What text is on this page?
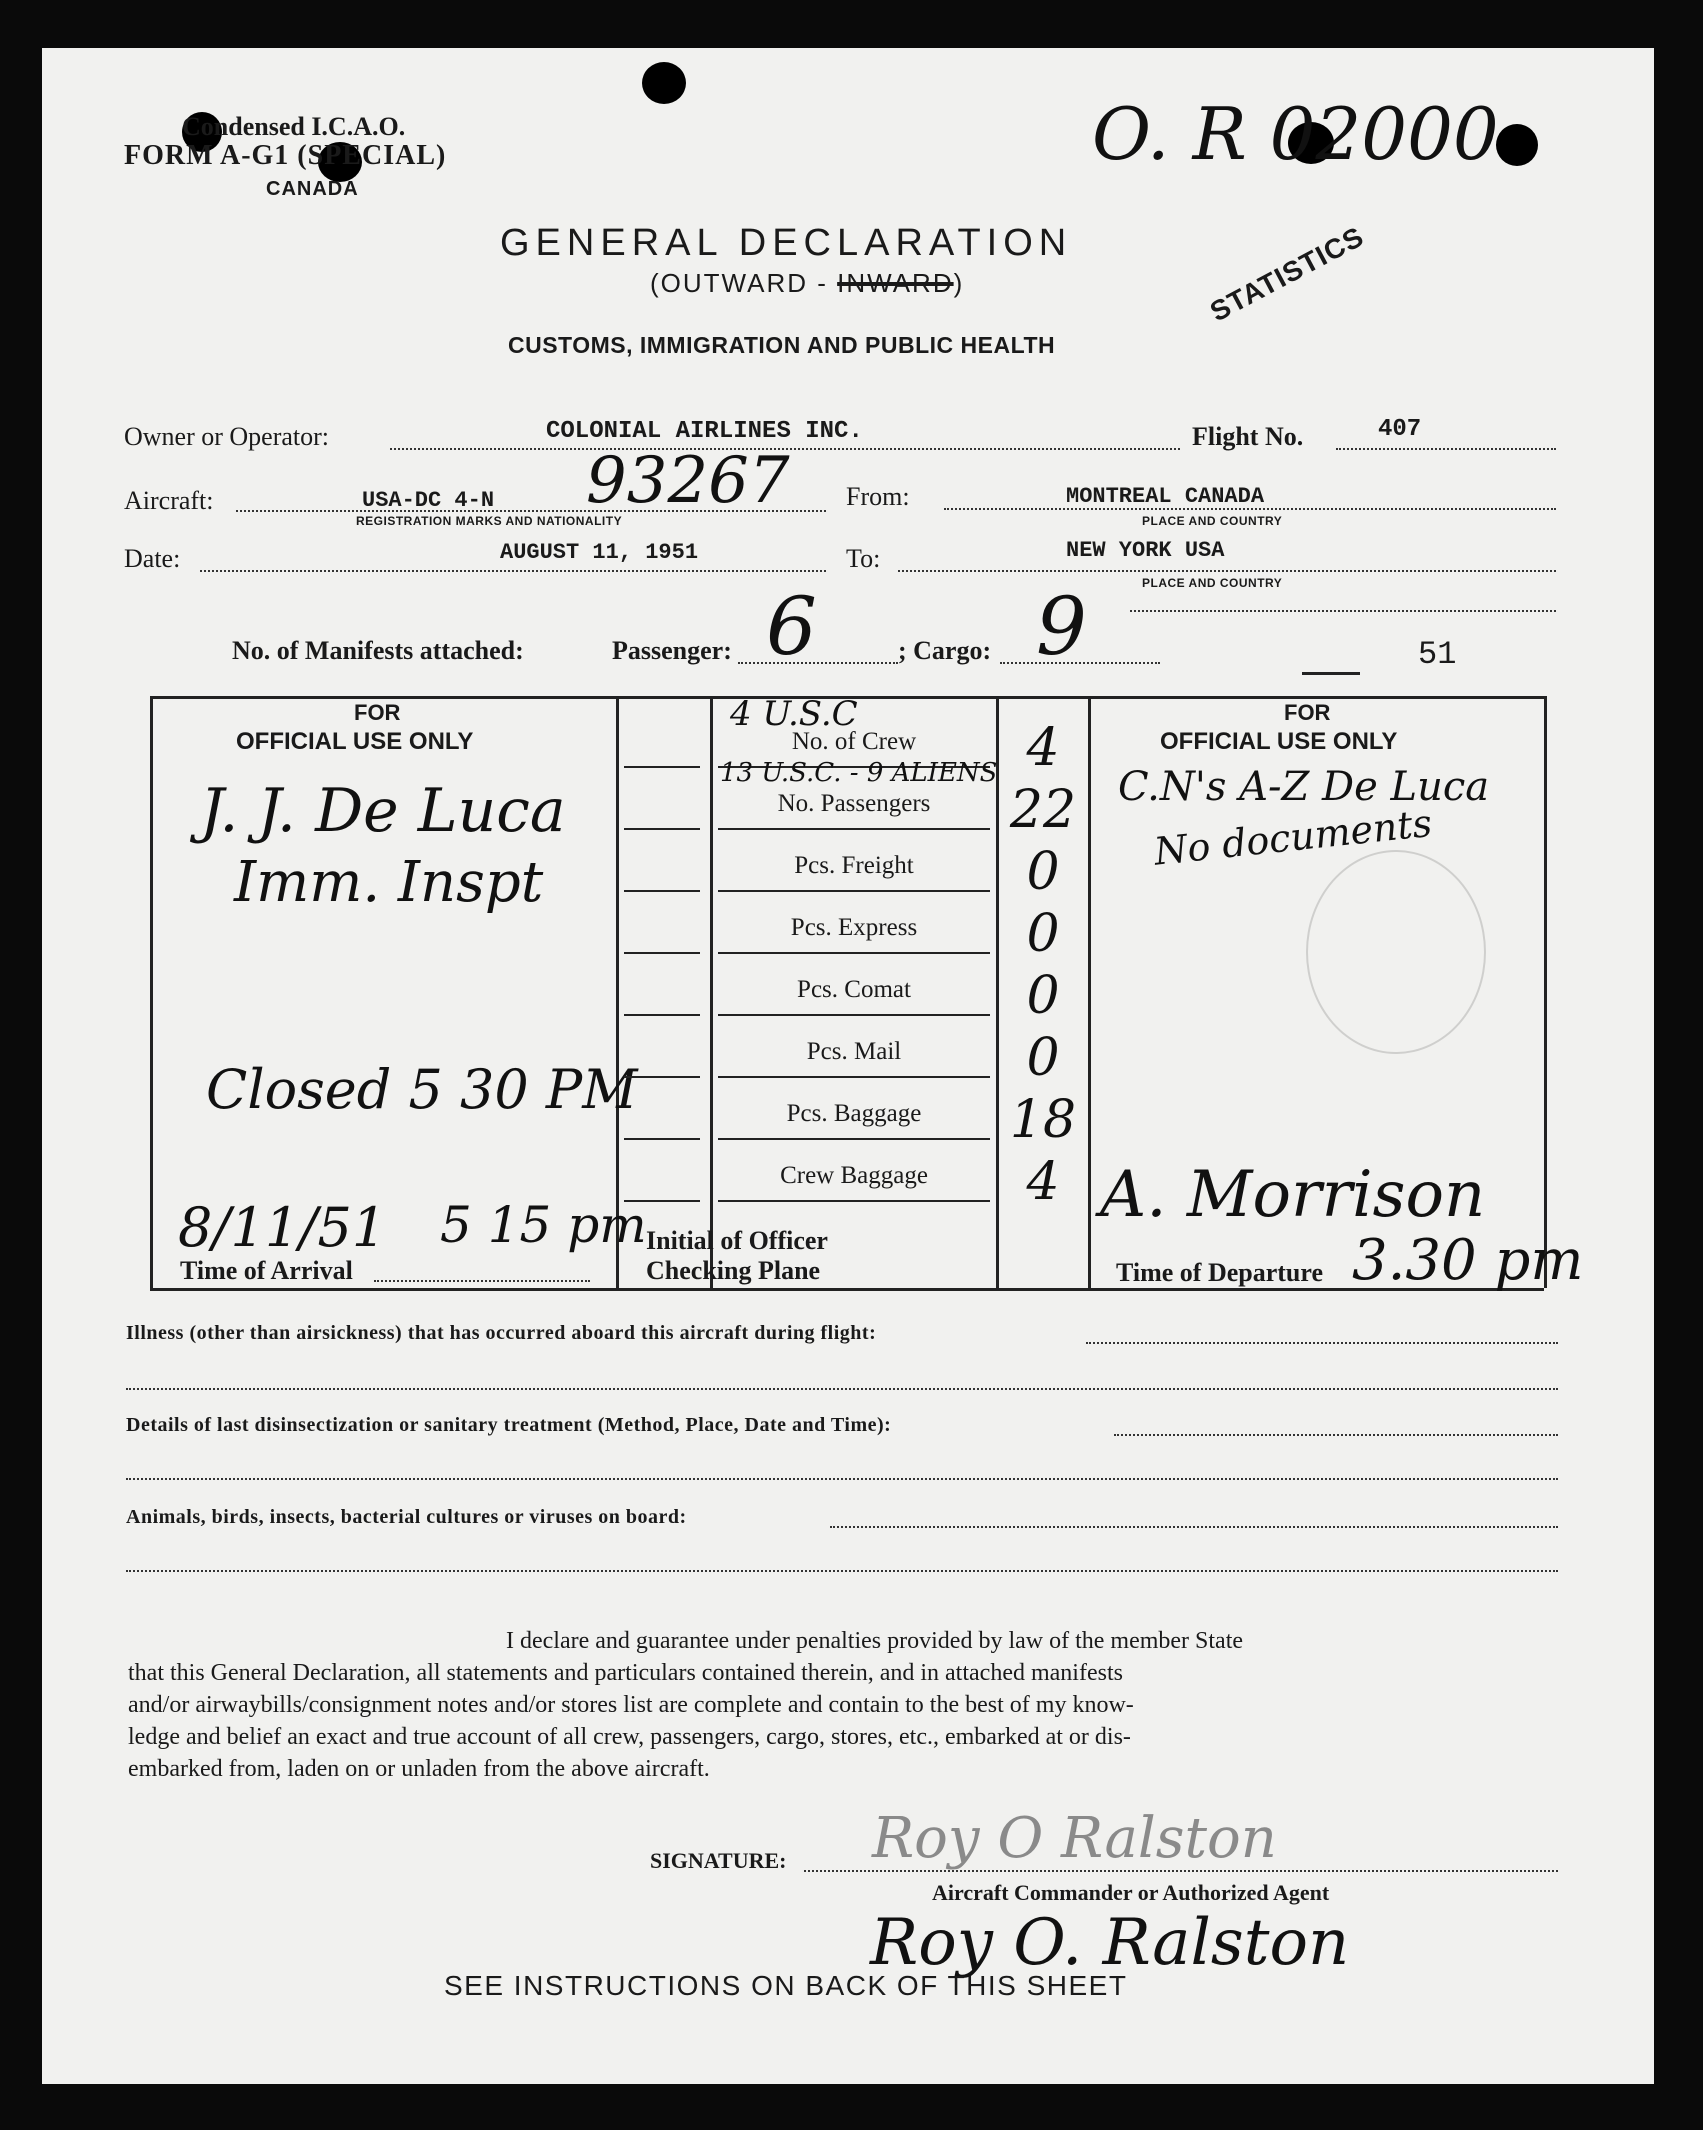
Condensed I.C.A.O.
FORM A-G1 (SPECIAL)
CANADA
O. R 02000
GENERAL DECLARATION
(OUTWARD - INWARD)
CUSTOMS, IMMIGRATION AND PUBLIC HEALTH
STATISTICS
Owner or Operator:	COLONIAL AIRLINES INC.	Flight No.	407
Aircraft:	USA-DC 4-N 93267
REGISTRATION MARKS AND NATIONALITY
From:	MONTREAL CANADA
PLACE AND COUNTRY
Date:	AUGUST 11, 1951	To:	NEW YORK USA
PLACE AND COUNTRY
No. of Manifests attached:	Passenger: 6	; Cargo: 9	51
FOR
OFFICIAL USE ONLY
J. J. De Luca
Imm. Inspt
Closed 5 30 PM
8/11/51 5 15 pm
Time of Arrival
Initial of Officer
Checking Plane
No. of Crew	4
No. Passengers	22
Pcs. Freight	0
Pcs. Express	0
Pcs. Comat	0
Pcs. Mail	0
Pcs. Baggage	18
Crew Baggage	4
4 U.S.C
13 U.S.C. - 9 ALIENS
FOR
OFFICIAL USE ONLY
C.N's A-Z De Luca
No documents
A. Morrison
Time of Departure 3.30 pm
Illness (other than airsickness) that has occurred aboard this aircraft during flight:
Details of last disinsectization or sanitary treatment (Method, Place, Date and Time):
Animals, birds, insects, bacterial cultures or viruses on board:
I declare and guarantee under penalties provided by law of the member State
that this General Declaration, all statements and particulars contained therein, and in attached manifests
and/or airwaybills/consignment notes and/or stores list are complete and contain to the best of my know-
ledge and belief an exact and true account of all crew, passengers, cargo, stores, etc., embarked at or dis-
embarked from, laden on or unladen from the above aircraft.
SIGNATURE: Roy O Ralston
Aircraft Commander or Authorized Agent
Roy O. Ralston
SEE INSTRUCTIONS ON BACK OF THIS SHEET
